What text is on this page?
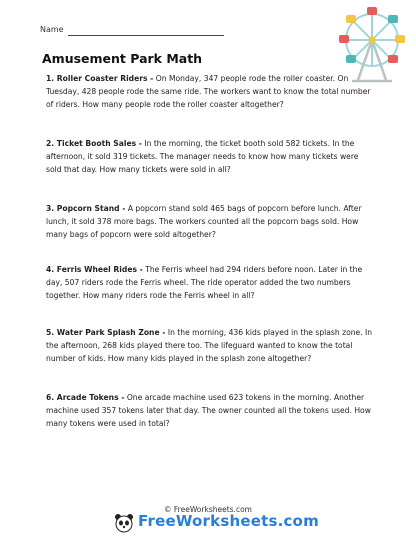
Name
Amusement Park Math
1. Roller Coaster Riders - On Monday, 347 people rode the roller coaster. On Tuesday, 428 people rode the same ride. The workers want to know the total number of riders. How many people rode the roller coaster altogether?
2. Ticket Booth Sales - In the morning, the ticket booth sold 582 tickets. In the afternoon, it sold 319 tickets. The manager needs to know how many tickets were sold that day. How many tickets were sold in all?
3. Popcorn Stand - A popcorn stand sold 465 bags of popcorn before lunch. After lunch, it sold 378 more bags. The workers counted all the popcorn bags sold. How many bags of popcorn were sold altogether?
4. Ferris Wheel Rides - The Ferris wheel had 294 riders before noon. Later in the day, 507 riders rode the Ferris wheel. The ride operator added the two numbers together. How many riders rode the Ferris wheel in all?
5. Water Park Splash Zone - In the morning, 436 kids played in the splash zone. In the afternoon, 268 kids played there too. The lifeguard wanted to know the total number of kids. How many kids played in the splash zone altogether?
6. Arcade Tokens - One arcade machine used 623 tokens in the morning. Another machine used 357 tokens later that day. The owner counted all the tokens used. How many tokens were used in total?
© FreeWorksheets.com
FreeWorksheets.com
